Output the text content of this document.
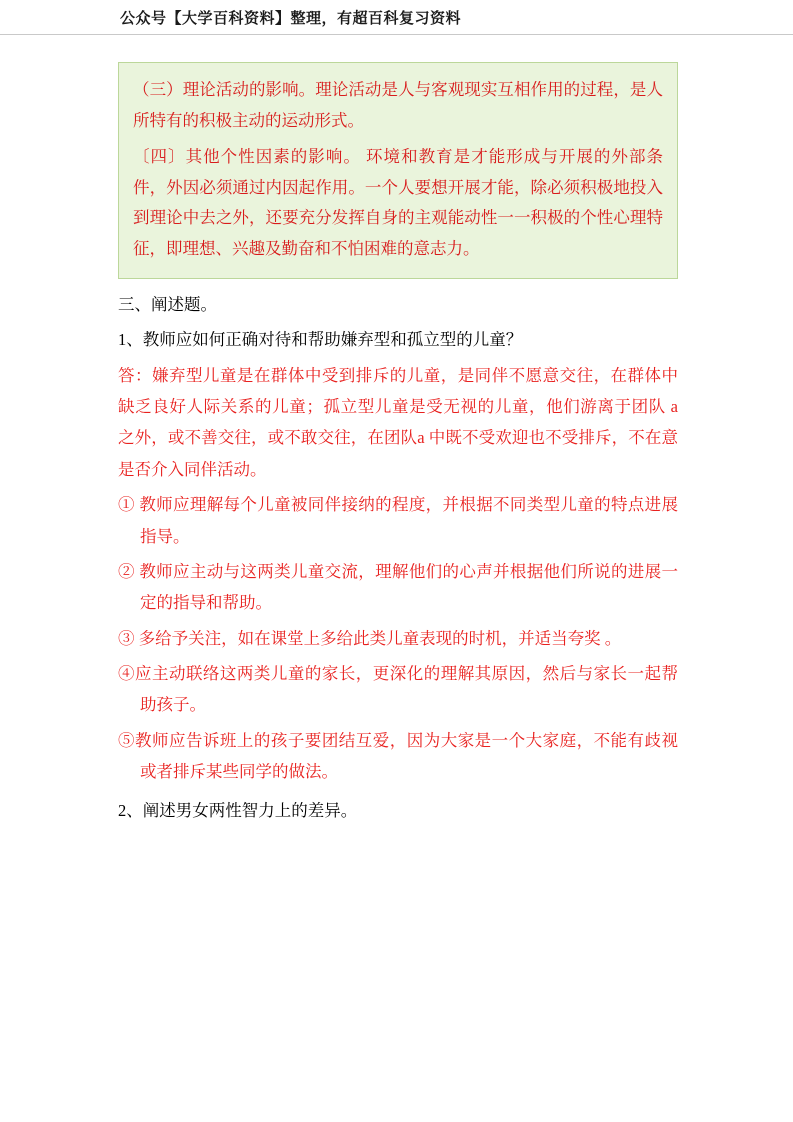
公众号【大学百科资料】整理，有超百科复习资料

（三）理论活动的影响。理论活动是人与客观现实互相作用的过程，是人所特有的积极主动的运动形式。

〔四〕其他个性因素的影响。 环境和教育是才能形成与开展的外部条件，外因必须通过内因起作用。一个人要想开展才能，除必须积极地投入到理论中去之外，还要充分发挥自身的主观能动性一一积极的个性心理特征，即理想、兴趣及勤奋和不怕困难的意志力。

三、阐述题。

1、教师应如何正确对待和帮助嫌弃型和孤立型的儿童？

答：嫌弃型儿童是在群体中受到排斥的儿童，是同伴不愿意交往，在群体中缺乏良好人际关系的儿童；孤立型儿童是受无视的儿童，他们游离于团队 a 之外，或不善交往，或不敢交往，在团队a 中既不受欢迎也不受排斥，不在意是否介入同伴活动。

① 教师应理解每个儿童被同伴接纳的程度，并根据不同类型儿童的特点进展指导。

② 教师应主动与这两类儿童交流，理解他们的心声并根据他们所说的进展一定的指导和帮助。

③ 多给予关注，如在课堂上多给此类儿童表现的时机，并适当夸奖 。

④应主动联络这两类儿童的家长，更深化的理解其原因，然后与家长一起帮助孩子。

⑤教师应告诉班上的孩子要团结互爱，因为大家是一个大家庭，不能有歧视或者排斥某些同学的做法。

2、阐述男女两性智力上的差异。
